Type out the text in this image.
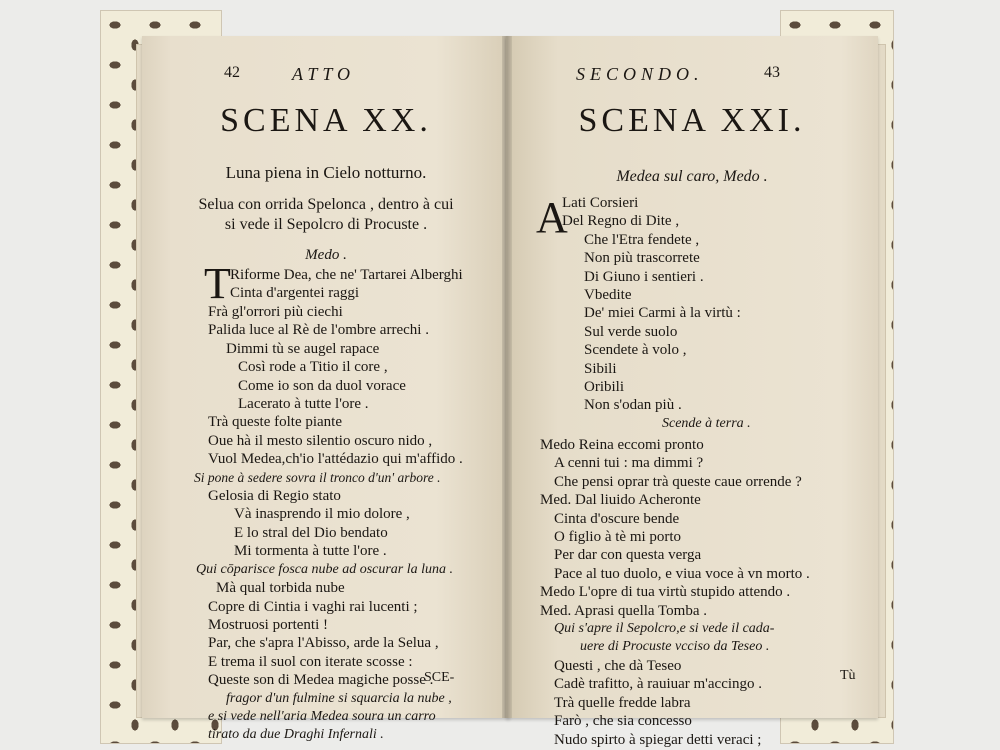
42	ATTO
SCENA XX.
Luna piena in Cielo notturno.
Selua con orrida Spelonca , dentro à cui
si vede il Sepolcro di Procuste .
Medo .
T Riforme Dea, che ne' Tartarei Alberghi
Cinta d'argentei raggi
Frà gl'orrori più ciechi
Palida luce al Rè de l'ombre arrechi .
Dimmi tù se augel rapace
Così rode a Titio il core ,
Come io son da duol vorace
Lacerato à tutte l'ore .
Trà queste folte piante
Oue hà il mesto silentio oscuro nido ,
Vuol Medea,ch'io l'attédazio qui m'affido .
Si pone à sedere sovra il tronco d'un' arbore .
Gelosia di Regio stato
Và inasprendo il mio dolore ,
E lo stral del Dio bendato
Mi tormenta à tutte l'ore .
Qui cōparisce fosca nube ad oscurar la luna .
Mà qual torbida nube
Copre di Cintia i vaghi rai lucenti ;
Mostruosi portenti !
Par, che s'apra l'Abisso, arde la Selua ,
E trema il suol con iterate scosse :
Queste son di Medea magiche posse .
fragor d'un fulmine si squarcia la nube ,
e si vede nell'aria Medea soura un carro
tirato da due Draghi Infernali .
SCE-
SECONDO.	43
SCENA XXI.
Medea sul caro, Medo .
A
Lati Corsieri
Del Regno di Dite ,
Che l'Etra fendete ,
Non più trascorrete
Di Giuno i sentieri .
Vbedite
De' miei Carmi à la virtù :
Sul verde suolo
Scendete à volo ,
Sibili
Oribili
Non s'odan più .
Scende à terra .
Medo Reina eccomi pronto
A cenni tui : ma dimmi ?
Che pensi oprar trà queste caue orrende ?
Med. Dal liuido Acheronte
Cinta d'oscure bende
O figlio à tè mi porto
Per dar con questa verga
Pace al tuo duolo, e viua voce à vn morto .
Medo L'opre di tua virtù stupido attendo .
Med. Aprasi quella Tomba .
Qui s'apre il Sepolcro,e si vede il cada-
uere di Procuste vcciso da Teseo .
Questi , che dà Teseo
Cadè trafitto, à rauiuar m'accingo .
Trà quelle fredde labra
Farò , che sia concesso
Nudo spirto à spiegar detti veraci ;
Tù
